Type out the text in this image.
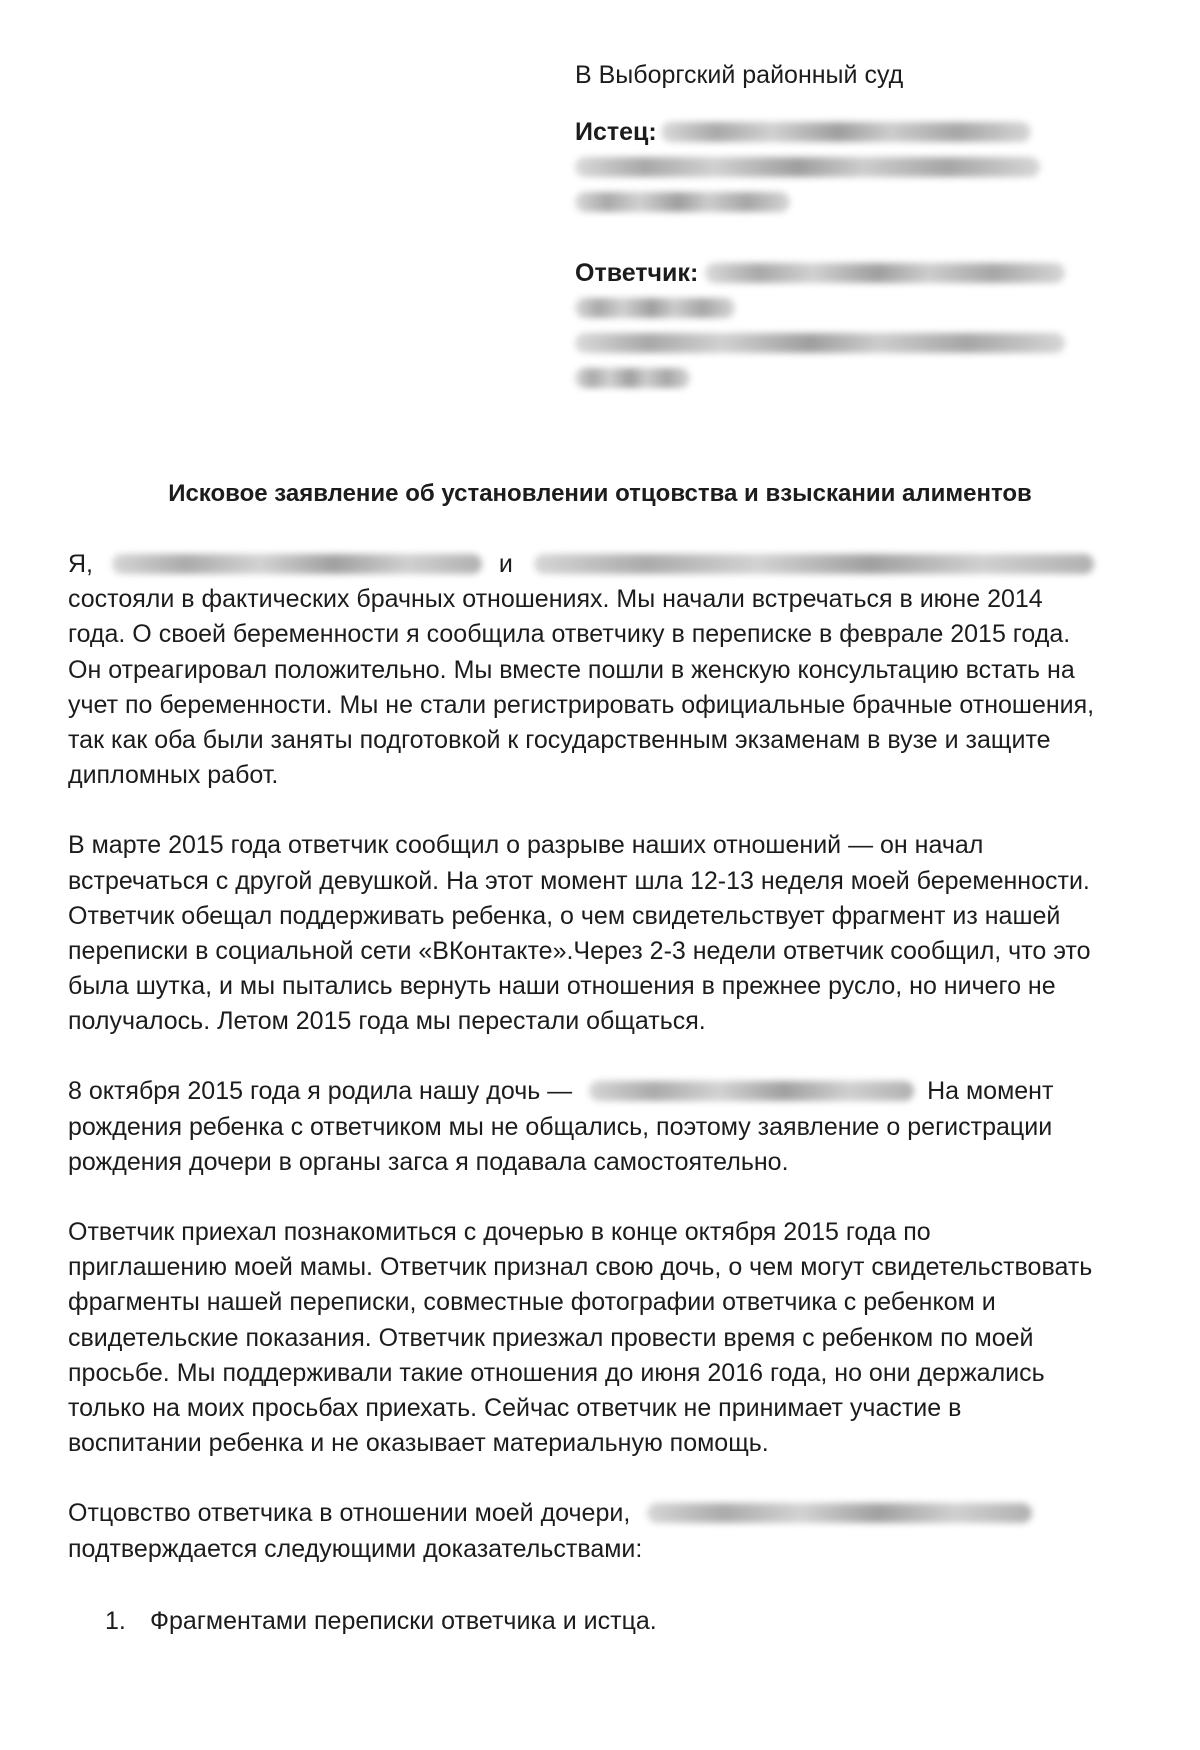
В Выборгский районный суд
Истец:
Ответчик:
Исковое заявление об установлении отцовства и взыскании алиментов
Я,	и
состояли в фактических брачных отношениях. Мы начали встречаться в июне 2014
года. О своей беременности я сообщила ответчику в переписке в феврале 2015 года.
Он отреагировал положительно. Мы вместе пошли в женскую консультацию встать на
учет по беременности. Мы не стали регистрировать официальные брачные отношения,
так как оба были заняты подготовкой к государственным экзаменам в вузе и защите
дипломных работ.
В марте 2015 года ответчик сообщил о разрыве наших отношений — он начал
встречаться с другой девушкой. На этот момент шла 12-13 неделя моей беременности.
Ответчик обещал поддерживать ребенка, о чем свидетельствует фрагмент из нашей
переписки в социальной сети «ВКонтакте».Через 2-3 недели ответчик сообщил, что это
была шутка, и мы пытались вернуть наши отношения в прежнее русло, но ничего не
получалось. Летом 2015 года мы перестали общаться.
8 октября 2015 года я родила нашу дочь —	На момент
рождения ребенка с ответчиком мы не общались, поэтому заявление о регистрации
рождения дочери в органы загса я подавала самостоятельно.
Ответчик приехал познакомиться с дочерью в конце октября 2015 года по
приглашению моей мамы. Ответчик признал свою дочь, о чем могут свидетельствовать
фрагменты нашей переписки, совместные фотографии ответчика с ребенком и
свидетельские показания. Ответчик приезжал провести время с ребенком по моей
просьбе. Мы поддерживали такие отношения до июня 2016 года, но они держались
только на моих просьбах приехать. Сейчас ответчик не принимает участие в
воспитании ребенка и не оказывает материальную помощь.
Отцовство ответчика в отношении моей дочери,
подтверждается следующими доказательствами:
1. Фрагментами переписки ответчика и истца.
